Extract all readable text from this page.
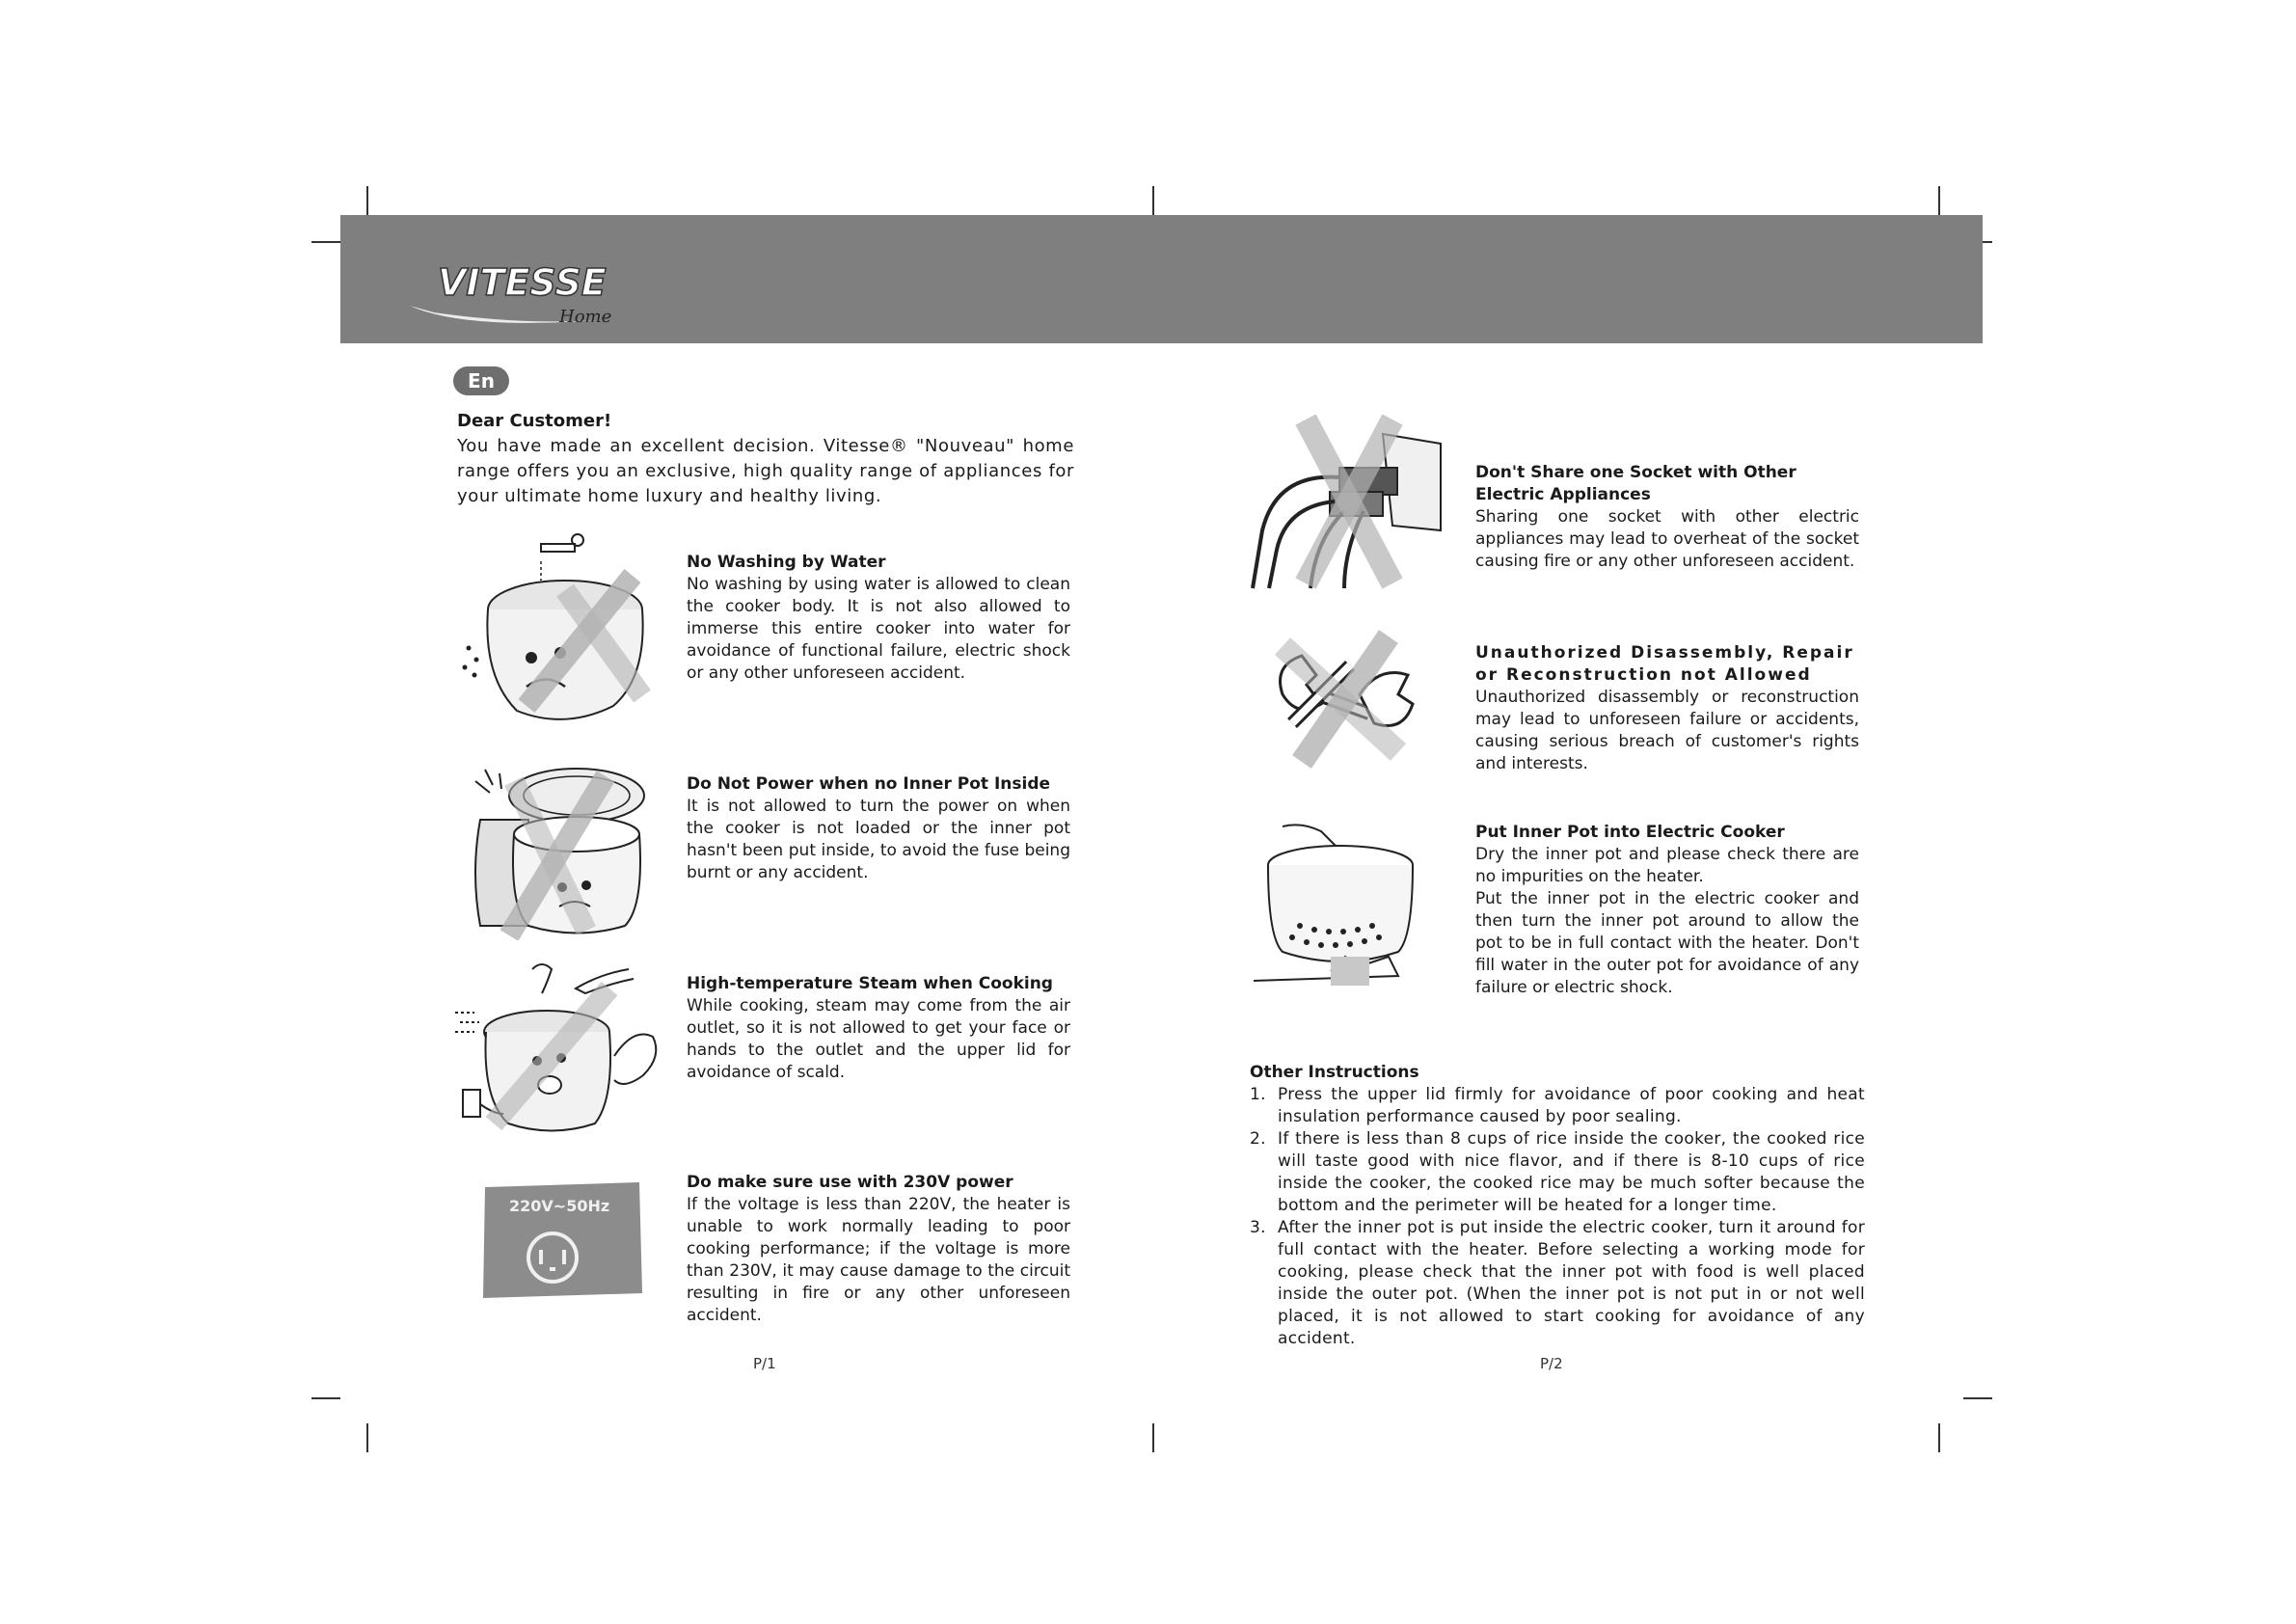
VITESSE
Home
En
Dear Customer!

You have made an excellent decision. Vitesse® "Nouveau" home range offers you an exclusive, high quality range of appliances for your ultimate home luxury and healthy living.

No Washing by Water

No washing by using water is allowed to clean the cooker body. It is not also allowed to immerse this entire cooker into water for avoidance of functional failure, electric shock or any other unforeseen accident.

Do Not Power when no Inner Pot Inside

It is not allowed to turn the power on when the cooker is not loaded or the inner pot hasn't been put inside, to avoid the fuse being burnt or any accident.

High-temperature Steam when Cooking

While cooking, steam may come from the air outlet, so it is not allowed to get your face or hands to the outlet and the upper lid for avoidance of scald.

220V~50Hz
Do make sure use with 230V power

If the voltage is less than 220V, the heater is unable to work normally leading to poor cooking performance; if the voltage is more than 230V, it may cause damage to the circuit resulting in fire or any other unforeseen accident.

P/1
Don't Share one Socket with Other Electric Appliances

Sharing one socket with other electric appliances may lead to overheat of the socket causing fire or any other unforeseen accident.

Unauthorized Disassembly, Repair or Reconstruction not Allowed

Unauthorized disassembly or reconstruction may lead to unforeseen failure or accidents, causing serious breach of customer's rights and interests.

Put Inner Pot into Electric Cooker

Dry the inner pot and please check there are no impurities on the heater.

Put the inner pot in the electric cooker and then turn the inner pot around to allow the pot to be in full contact with the heater. Don't fill water in the outer pot for avoidance of any failure or electric shock.

Other Instructions
1. Press the upper lid firmly for avoidance of poor cooking and heat insulation performance caused by poor sealing.
2. If there is less than 8 cups of rice inside the cooker, the cooked rice will taste good with nice flavor, and if there is 8-10 cups of rice inside the cooker, the cooked rice may be much softer because the bottom and the perimeter will be heated for a longer time.
3. After the inner pot is put inside the electric cooker, turn it around for full contact with the heater. Before selecting a working mode for cooking, please check that the inner pot with food is well placed inside the outer pot. (When the inner pot is not put in or not well placed, it is not allowed to start cooking for avoidance of any accident.
P/2
